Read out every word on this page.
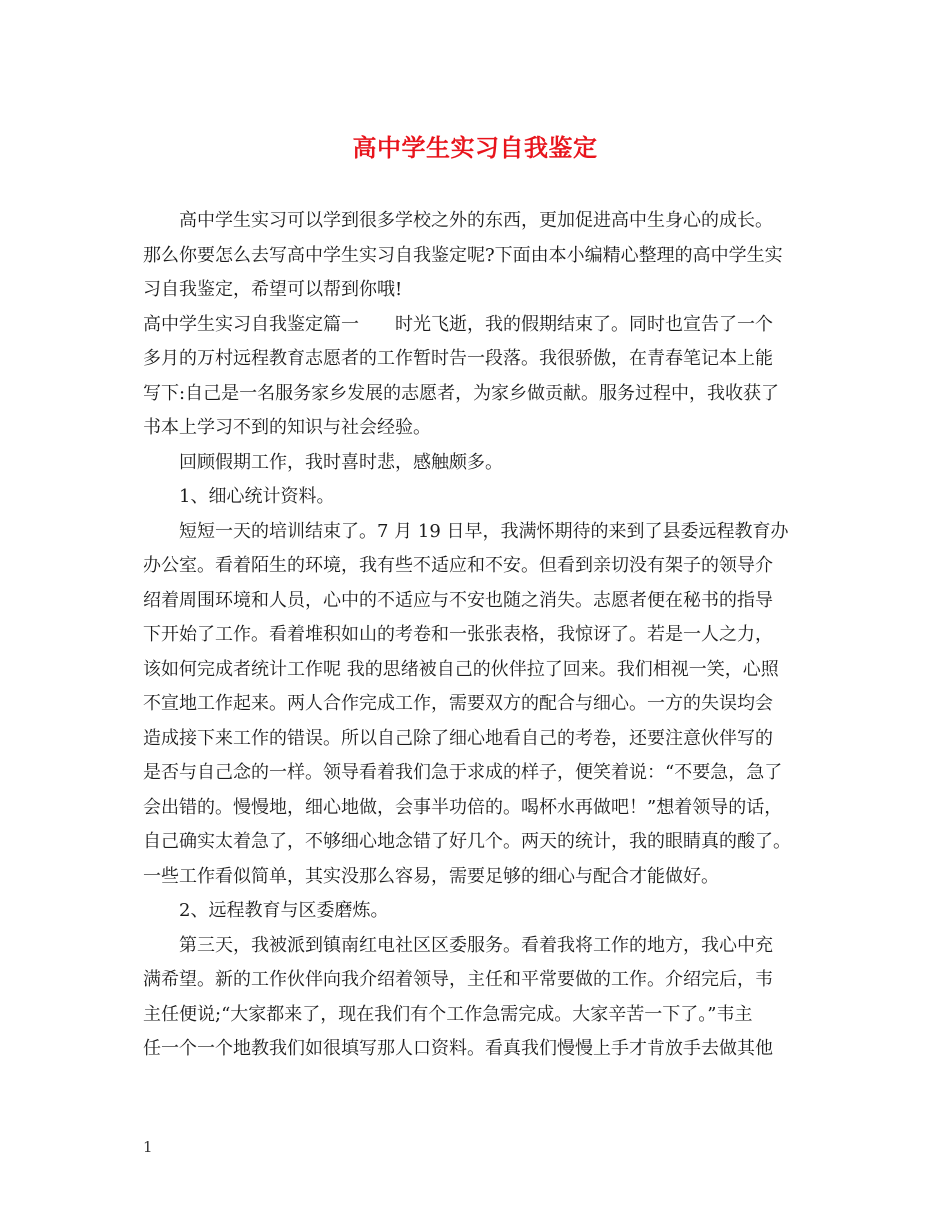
高中学生实习自我鉴定
高中学生实习可以学到很多学校之外的东西，更加促进高中生身心的成长。
那么你要怎么去写高中学生实习自我鉴定呢?下面由本小编精心整理的高中学生实
习自我鉴定，希望可以帮到你哦!
高中学生实习自我鉴定篇一　　时光飞逝，我的假期结束了。同时也宣告了一个
多月的万村远程教育志愿者的工作暂时告一段落。我很骄傲，在青春笔记本上能
写下:自己是一名服务家乡发展的志愿者，为家乡做贡献。服务过程中，我收获了
书本上学习不到的知识与社会经验。
回顾假期工作，我时喜时悲，感触颇多。
1、细心统计资料。
短短一天的培训结束了。7 月 19 日早，我满怀期待的来到了县委远程教育办
办公室。看着陌生的环境，我有些不适应和不安。但看到亲切没有架子的领导介
绍着周围环境和人员，心中的不适应与不安也随之消失。志愿者便在秘书的指导
下开始了工作。看着堆积如山的考卷和一张张表格，我惊讶了。若是一人之力，
该如何完成者统计工作呢 我的思绪被自己的伙伴拉了回来。我们相视一笑，心照
不宣地工作起来。两人合作完成工作，需要双方的配合与细心。一方的失误均会
造成接下来工作的错误。所以自己除了细心地看自己的考卷，还要注意伙伴写的
是否与自己念的一样。领导看着我们急于求成的样子，便笑着说：“不要急，急了
会出错的。慢慢地，细心地做，会事半功倍的。喝杯水再做吧！”想着领导的话，
自己确实太着急了，不够细心地念错了好几个。两天的统计，我的眼睛真的酸了。
一些工作看似简单，其实没那么容易，需要足够的细心与配合才能做好。
2、远程教育与区委磨炼。
第三天，我被派到镇南红电社区区委服务。看着我将工作的地方，我心中充
满希望。新的工作伙伴向我介绍着领导，主任和平常要做的工作。介绍完后，韦
主任便说;“大家都来了，现在我们有个工作急需完成。大家辛苦一下了。”韦主
任一个一个地教我们如很填写那人口资料。看真我们慢慢上手才肯放手去做其他
1
